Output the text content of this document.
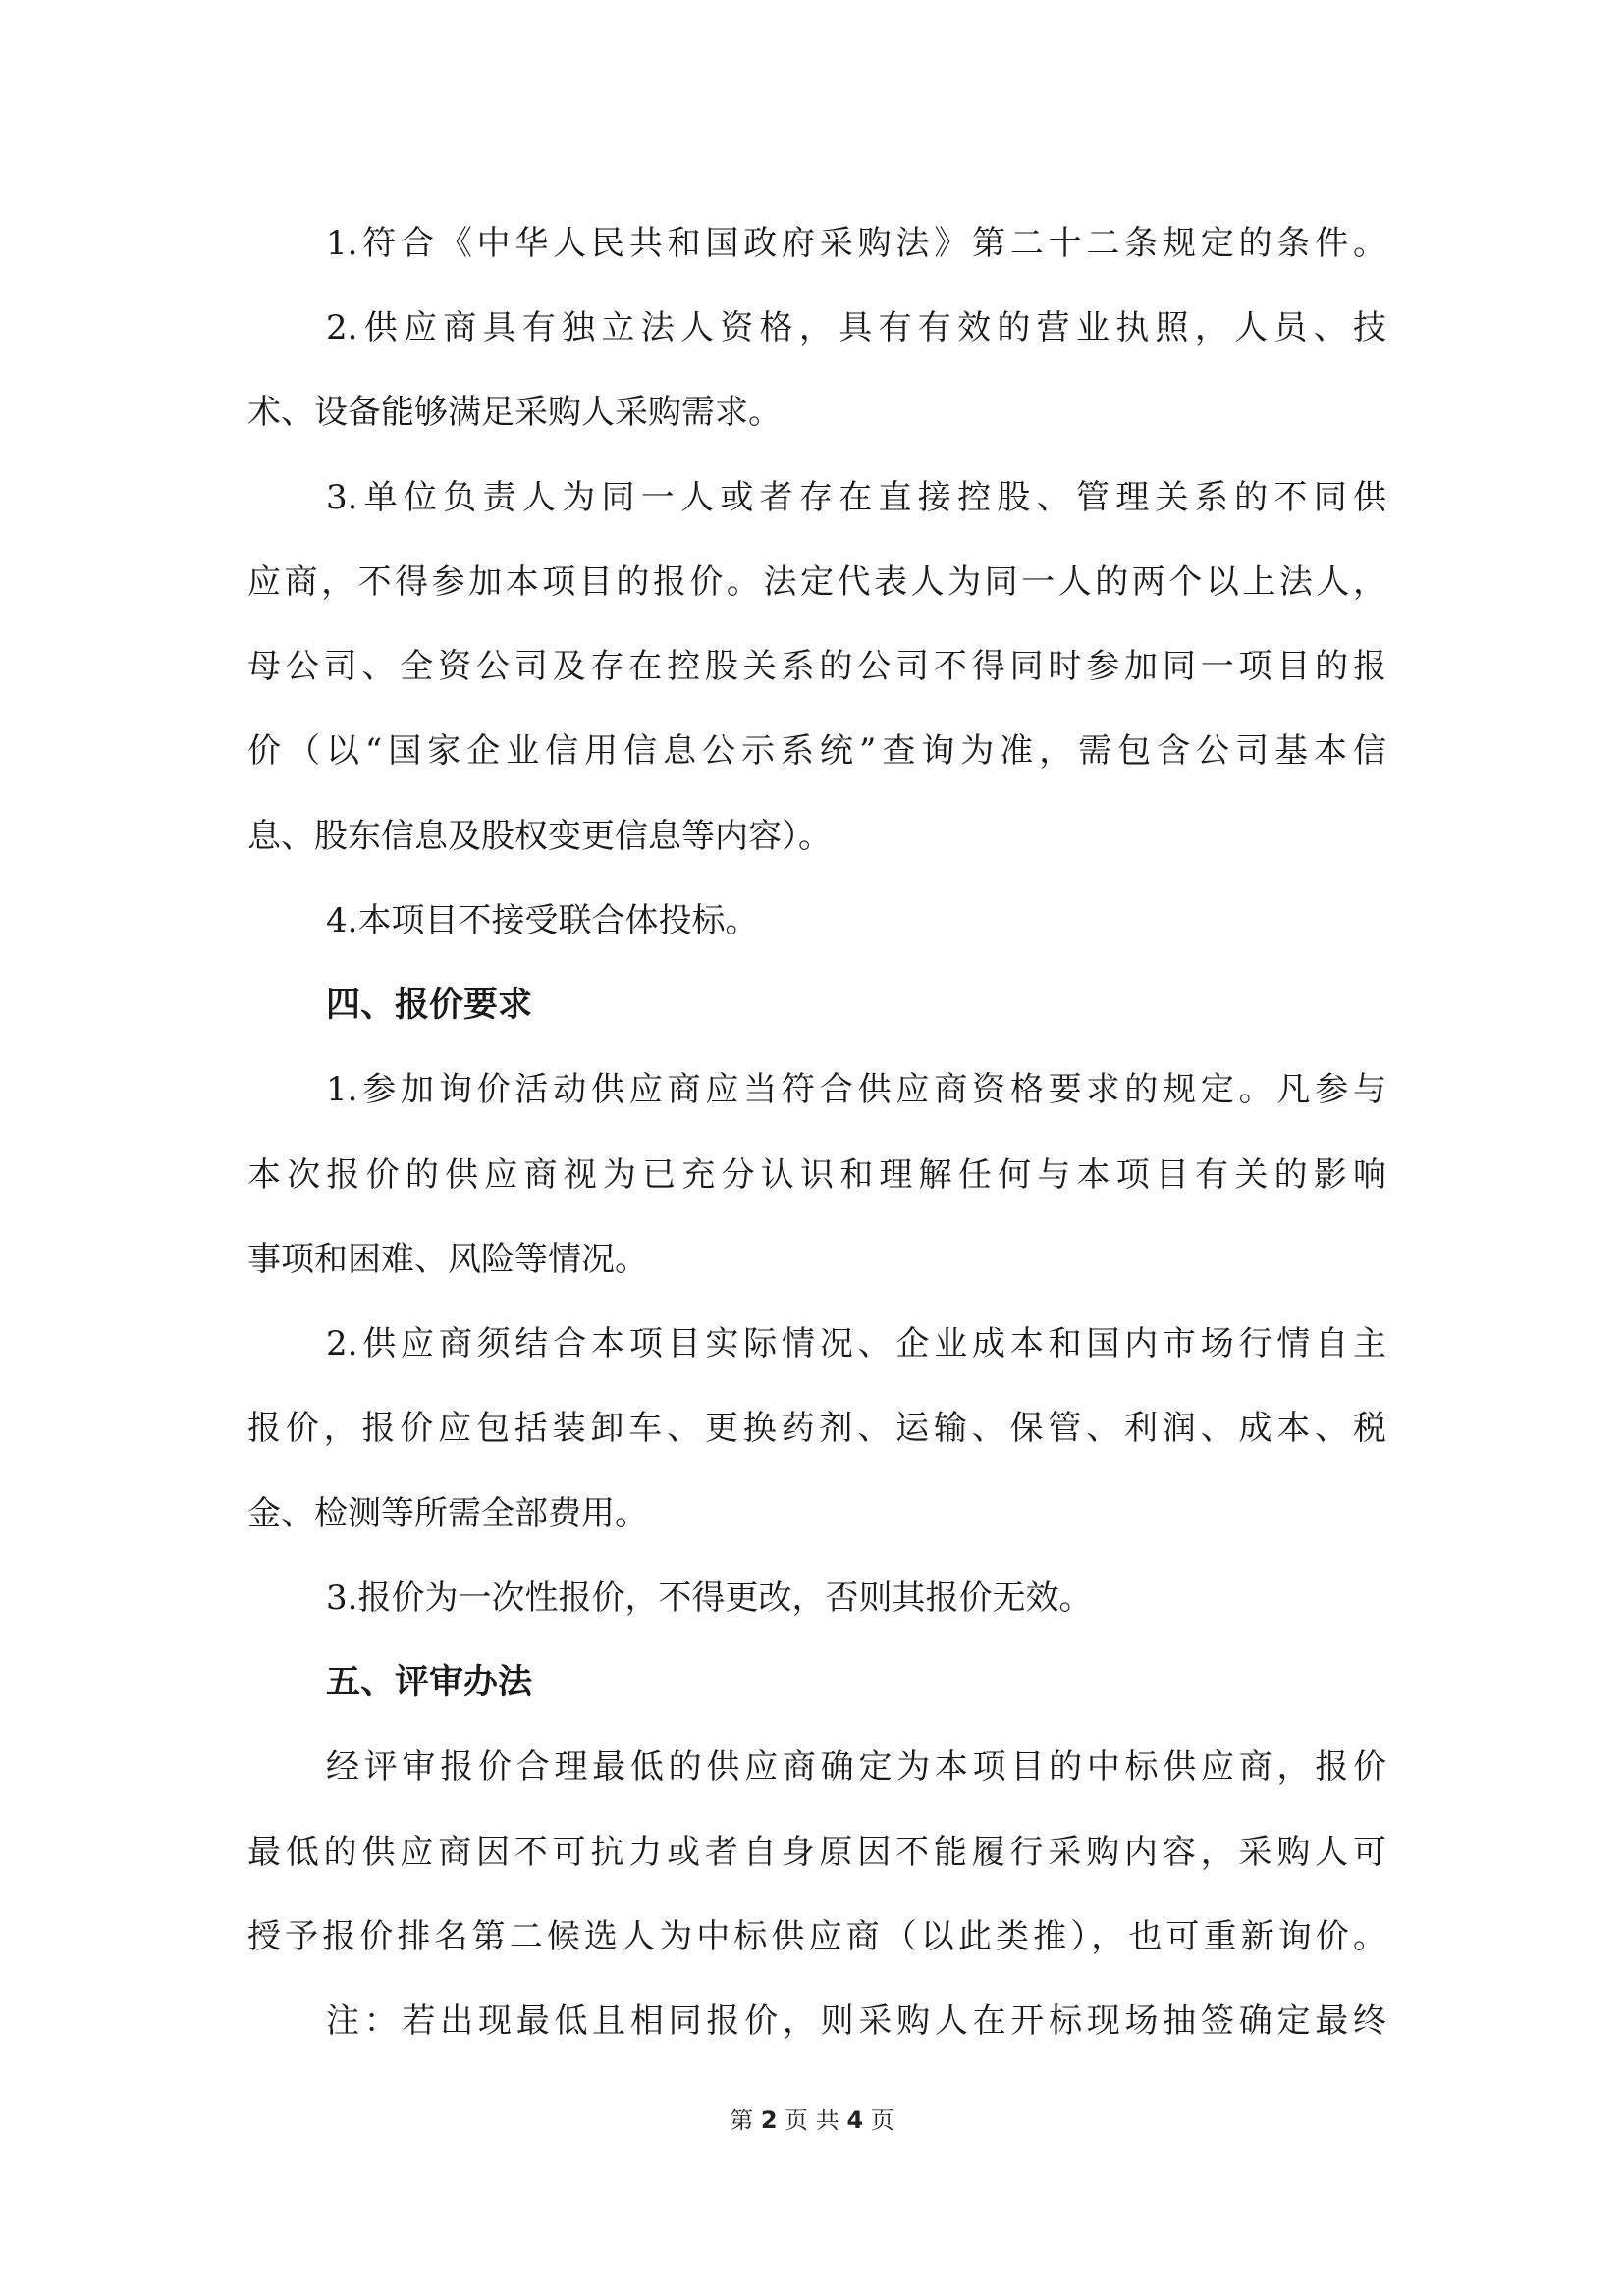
1.符合《中华人民共和国政府采购法》第二十二条规定的条件。
2.供应商具有独立法人资格，具有有效的营业执照，人员、技
术、设备能够满足采购人采购需求。
3.单位负责人为同一人或者存在直接控股、管理关系的不同供
应商，不得参加本项目的报价。法定代表人为同一人的两个以上法人，
母公司、全资公司及存在控股关系的公司不得同时参加同一项目的报
价（以“国家企业信用信息公示系统”查询为准，需包含公司基本信
息、股东信息及股权变更信息等内容）。
4.本项目不接受联合体投标。
四、报价要求
1.参加询价活动供应商应当符合供应商资格要求的规定。凡参与
本次报价的供应商视为已充分认识和理解任何与本项目有关的影响
事项和困难、风险等情况。
2.供应商须结合本项目实际情况、企业成本和国内市场行情自主
报价，报价应包括装卸车、更换药剂、运输、保管、利润、成本、税
金、检测等所需全部费用。
3.报价为一次性报价，不得更改，否则其报价无效。
五、评审办法
经评审报价合理最低的供应商确定为本项目的中标供应商，报价
最低的供应商因不可抗力或者自身原因不能履行采购内容，采购人可
授予报价排名第二候选人为中标供应商（以此类推），也可重新询价。
注：若出现最低且相同报价，则采购人在开标现场抽签确定最终
第 2 页 共 4 页
